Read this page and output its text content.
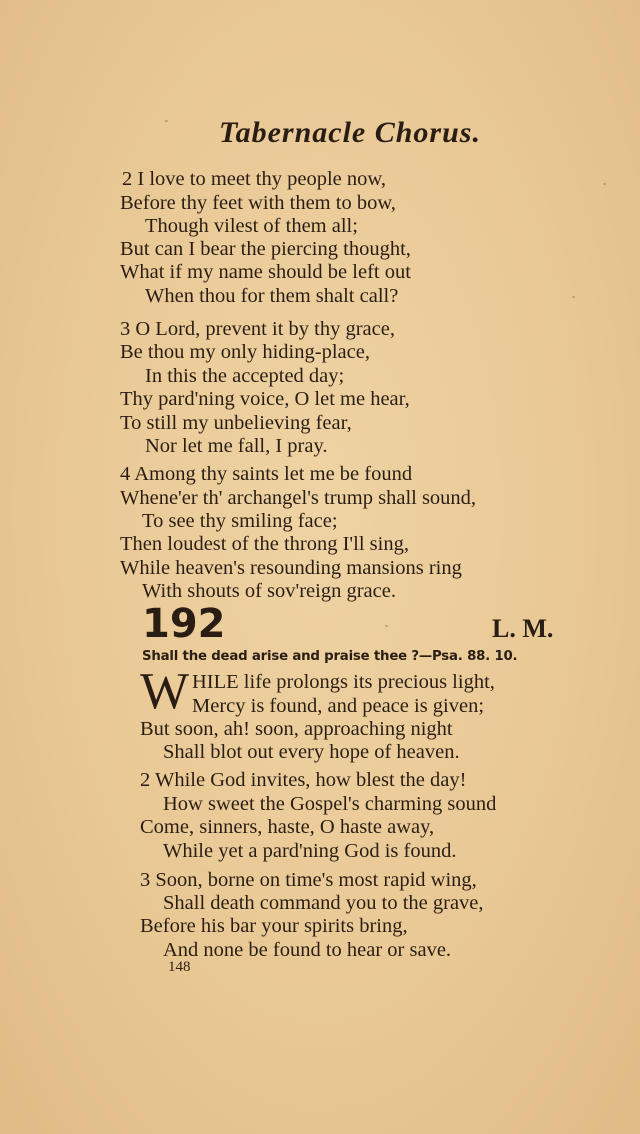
Tabernacle Chorus.
2 I love to meet thy people now,
Before thy feet with them to bow,
Though vilest of them all;
But can I bear the piercing thought,
What if my name should be left out
When thou for them shalt call?
3 O Lord, prevent it by thy grace,
Be thou my only hiding-place,
In this the accepted day;
Thy pard'ning voice, O let me hear,
To still my unbelieving fear,
Nor let me fall, I pray.
4 Among thy saints let me be found
Whene'er th' archangel's trump shall sound,
To see thy smiling face;
Then loudest of the throng I'll sing,
While heaven's resounding mansions ring
With shouts of sov'reign grace.
192	L. M.
Shall the dead arise and praise thee ?—Psa. 88. 10.
W HILE life prolongs its precious light,
Mercy is found, and peace is given;
But soon, ah! soon, approaching night
Shall blot out every hope of heaven.
2 While God invites, how blest the day!
How sweet the Gospel's charming sound
Come, sinners, haste, O haste away,
While yet a pard'ning God is found.
3 Soon, borne on time's most rapid wing,
Shall death command you to the grave,
Before his bar your spirits bring,
And none be found to hear or save.
148
